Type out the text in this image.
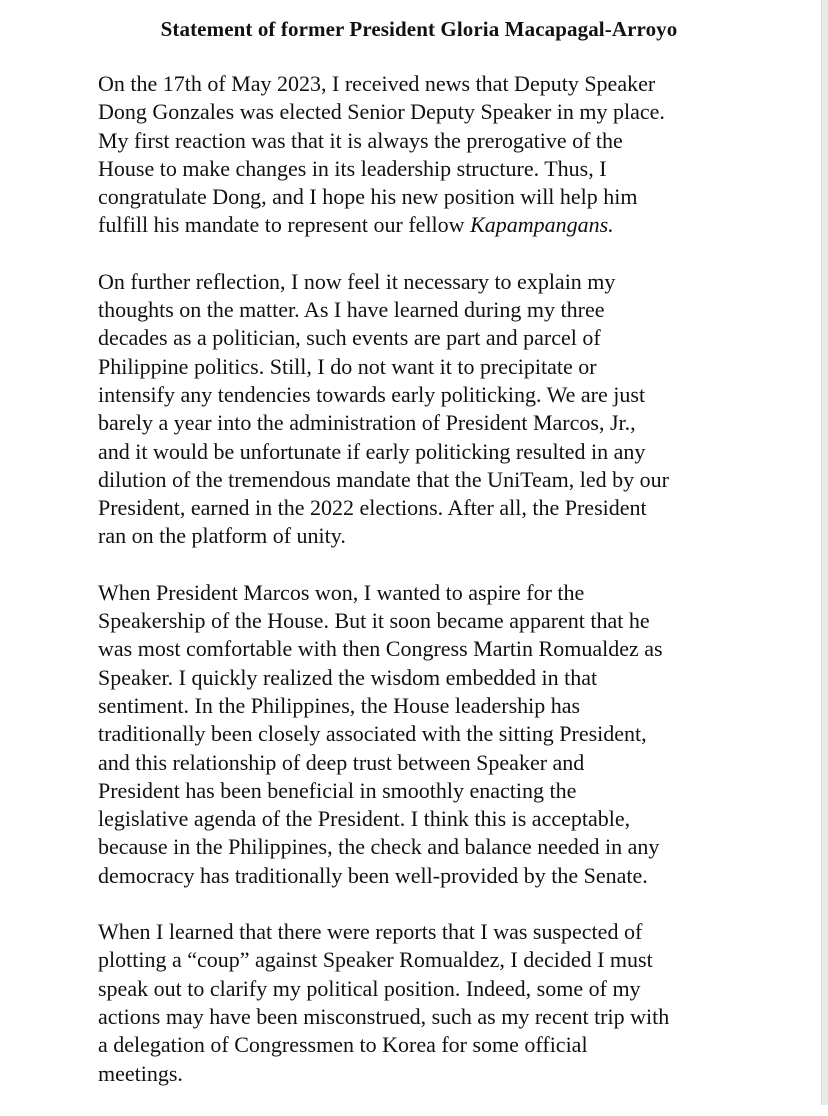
Statement of former President Gloria Macapagal-Arroyo
On the 17th of May 2023, I received news that Deputy Speaker
Dong Gonzales was elected Senior Deputy Speaker in my place.
My first reaction was that it is always the prerogative of the
House to make changes in its leadership structure. Thus, I
congratulate Dong, and I hope his new position will help him
fulfill his mandate to represent our fellow Kapampangans.
On further reflection, I now feel it necessary to explain my
thoughts on the matter. As I have learned during my three
decades as a politician, such events are part and parcel of
Philippine politics. Still, I do not want it to precipitate or
intensify any tendencies towards early politicking. We are just
barely a year into the administration of President Marcos, Jr.,
and it would be unfortunate if early politicking resulted in any
dilution of the tremendous mandate that the UniTeam, led by our
President, earned in the 2022 elections. After all, the President
ran on the platform of unity.
When President Marcos won, I wanted to aspire for the
Speakership of the House. But it soon became apparent that he
was most comfortable with then Congress Martin Romualdez as
Speaker. I quickly realized the wisdom embedded in that
sentiment. In the Philippines, the House leadership has
traditionally been closely associated with the sitting President,
and this relationship of deep trust between Speaker and
President has been beneficial in smoothly enacting the
legislative agenda of the President. I think this is acceptable,
because in the Philippines, the check and balance needed in any
democracy has traditionally been well-provided by the Senate.
When I learned that there were reports that I was suspected of
plotting a “coup” against Speaker Romualdez, I decided I must
speak out to clarify my political position. Indeed, some of my
actions may have been misconstrued, such as my recent trip with
a delegation of Congressmen to Korea for some official
meetings.
